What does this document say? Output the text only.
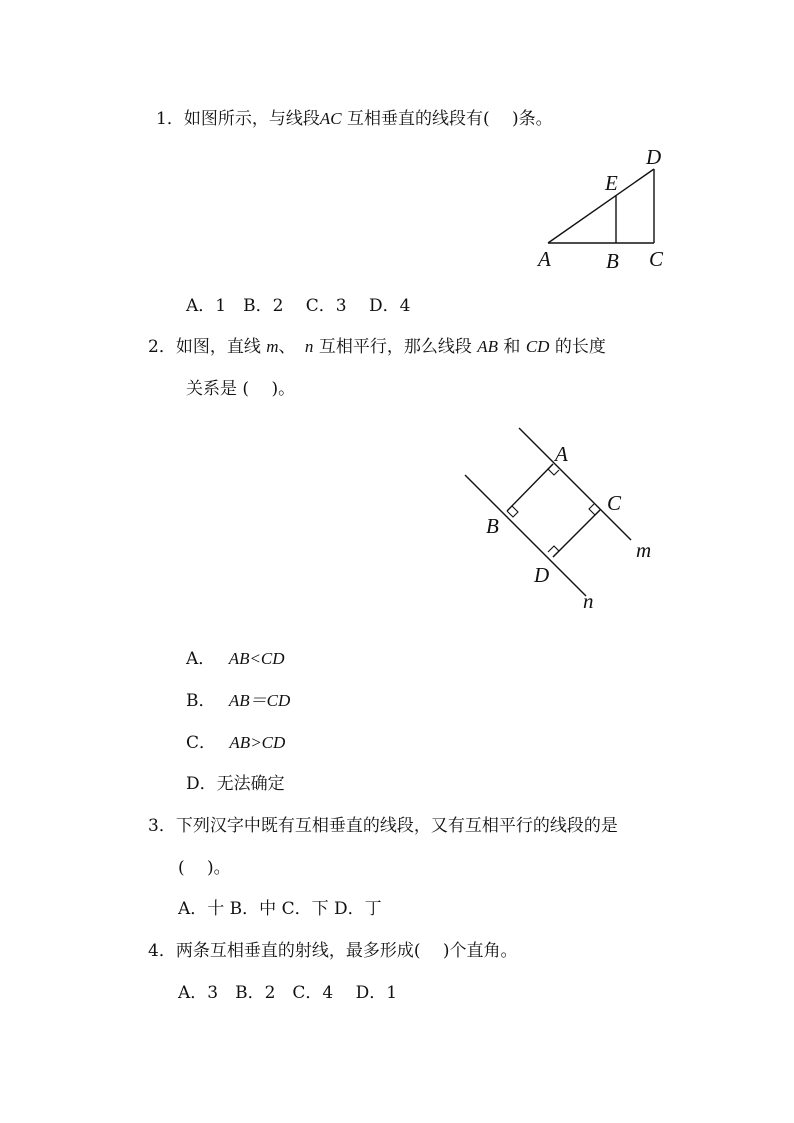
1．如图所示，与线段AC 互相垂直的线段有(　 )条。
A	B C
D
E
A．1　B．2　 C．3　 D．4
2．如图，直线 m、 n 互相平行，那么线段 AB 和 CD 的长度
关系是 (　 )。
A
B
C
D
m
n
A． AB<CD
B． AB＝CD
C． AB>CD
D．无法确定
3．下列汉字中既有互相垂直的线段，又有互相平行的线段的是
(　 )。
A．十 B．中 C．下 D．丁
4．两条互相垂直的射线，最多形成(　 )个直角。
A．3　B．2　C．4　 D．1
